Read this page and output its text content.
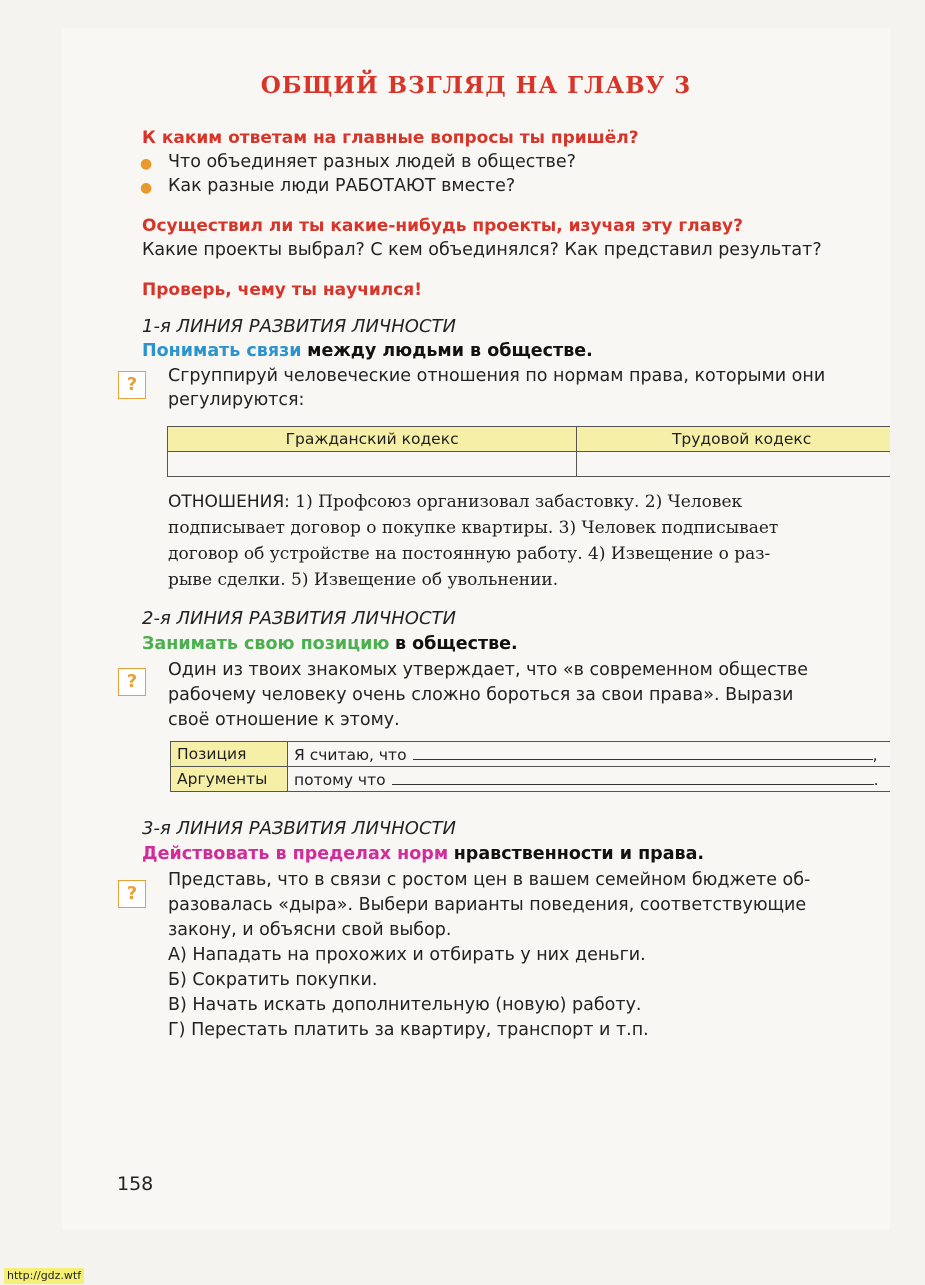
ОБЩИЙ ВЗГЛЯД НА ГЛАВУ 3
К каким ответам на главные вопросы ты пришёл?
● Что объединяет разных людей в обществе?
● Как разные люди РАБОТАЮТ вместе?
Осуществил ли ты какие-нибудь проекты, изучая эту главу?
Какие проекты выбрал? С кем объединялся? Как представил результат?
Проверь, чему ты научился!
1-я ЛИНИЯ РАЗВИТИЯ ЛИЧНОСТИ
Понимать связи между людьми в обществе.
?	Сгруппируй человеческие отношения по нормам права, которыми они
регулируются:
Гражданский кодекс	Трудовой кодекс

ОТНОШЕНИЯ: 1) Профсоюз организовал забастовку. 2) Человек
подписывает договор о покупке квартиры. 3) Человек подписывает
договор об устройстве на постоянную работу. 4) Извещение о раз-
рыве сделки. 5) Извещение об увольнении.
2-я ЛИНИЯ РАЗВИТИЯ ЛИЧНОСТИ
Занимать свою позицию в обществе.
?
Один из твоих знакомых утверждает, что «в современном обществе
рабочему человеку очень сложно бороться за свои права». Вырази
своё отношение к этому.
Позиция	Я считаю, что ,
Аргументы	потому что .
3-я ЛИНИЯ РАЗВИТИЯ ЛИЧНОСТИ
Действовать в пределах норм нравственности и права.
?
Представь, что в связи с ростом цен в вашем семейном бюджете об-
разовалась «дыра». Выбери варианты поведения, соответствующие
закону, и объясни свой выбор.
А) Нападать на прохожих и отбирать у них деньги.
Б) Сократить покупки.
В) Начать искать дополнительную (новую) работу.
Г) Перестать платить за квартиру, транспорт и т.п.
158
http://gdz.wtf
